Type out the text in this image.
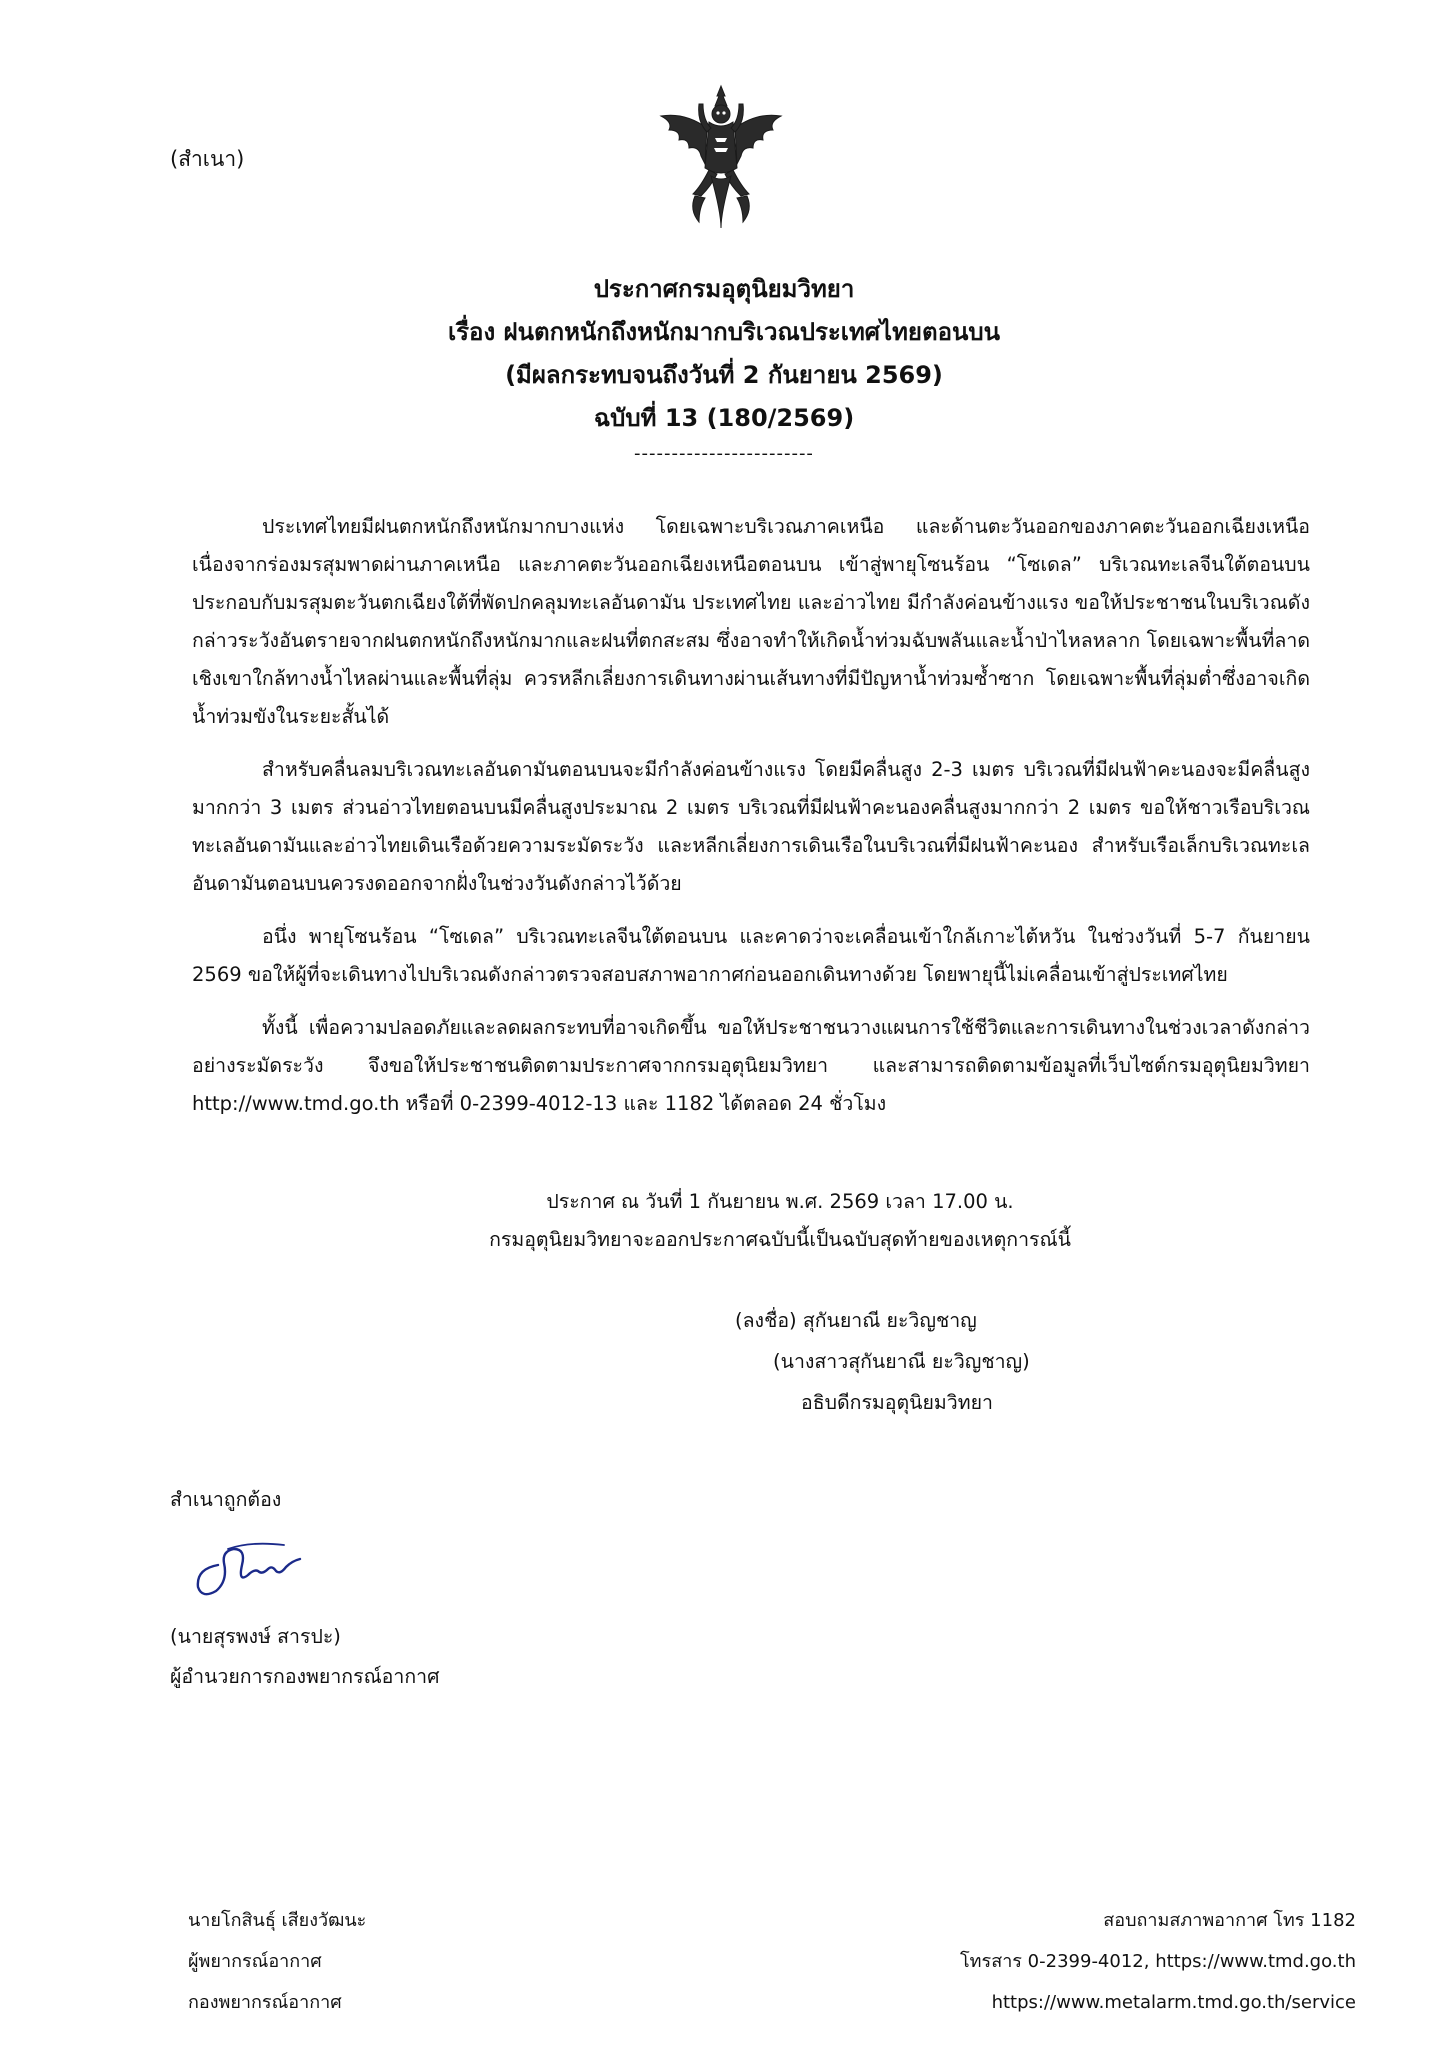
(สำเนา)
ประกาศกรมอุตุนิยมวิทยา
เรื่อง ฝนตกหนักถึงหนักมากบริเวณประเทศไทยตอนบน
(มีผลกระทบจนถึงวันที่ 2 กันยายน 2569)
ฉบับที่ 13 (180/2569)
------------------------

ประเทศไทยมีฝนตกหนักถึงหนักมากบางแห่ง โดยเฉพาะบริเวณภาคเหนือ และด้านตะวันออกของภาคตะวันออกเฉียงเหนือ เนื่องจากร่องมรสุมพาดผ่านภาคเหนือ และภาคตะวันออกเฉียงเหนือตอนบน เข้าสู่พายุโซนร้อน “โซเดล” บริเวณทะเลจีนใต้ตอนบน ประกอบกับมรสุมตะวันตกเฉียงใต้ที่พัดปกคลุมทะเลอันดามัน ประเทศไทย และอ่าวไทย มีกำลังค่อนข้างแรง ขอให้ประชาชนในบริเวณดังกล่าวระวังอันตรายจากฝนตกหนักถึงหนักมากและฝนที่ตกสะสม ซึ่งอาจทำให้เกิดน้ำท่วมฉับพลันและน้ำป่าไหลหลาก โดยเฉพาะพื้นที่ลาดเชิงเขาใกล้ทางน้ำไหลผ่านและพื้นที่ลุ่ม ควรหลีกเลี่ยงการเดินทางผ่านเส้นทางที่มีปัญหาน้ำท่วมซ้ำซาก โดยเฉพาะพื้นที่ลุ่มต่ำซึ่งอาจเกิดน้ำท่วมขังในระยะสั้นได้

สำหรับคลื่นลมบริเวณทะเลอันดามันตอนบนจะมีกำลังค่อนข้างแรง โดยมีคลื่นสูง 2-3 เมตร บริเวณที่มีฝนฟ้าคะนองจะมีคลื่นสูงมากกว่า 3 เมตร ส่วนอ่าวไทยตอนบนมีคลื่นสูงประมาณ 2 เมตร บริเวณที่มีฝนฟ้าคะนองคลื่นสูงมากกว่า 2 เมตร ขอให้ชาวเรือบริเวณทะเลอันดามันและอ่าวไทยเดินเรือด้วยความระมัดระวัง และหลีกเลี่ยงการเดินเรือในบริเวณที่มีฝนฟ้าคะนอง สำหรับเรือเล็กบริเวณทะเลอันดามันตอนบนควรงดออกจากฝั่งในช่วงวันดังกล่าวไว้ด้วย

อนึ่ง พายุโซนร้อน “โซเดล” บริเวณทะเลจีนใต้ตอนบน และคาดว่าจะเคลื่อนเข้าใกล้เกาะไต้หวัน ในช่วงวันที่ 5-7 กันยายน 2569 ขอให้ผู้ที่จะเดินทางไปบริเวณดังกล่าวตรวจสอบสภาพอากาศก่อนออกเดินทางด้วย โดยพายุนี้ไม่เคลื่อนเข้าสู่ประเทศไทย

ทั้งนี้ เพื่อความปลอดภัยและลดผลกระทบที่อาจเกิดขึ้น ขอให้ประชาชนวางแผนการใช้ชีวิตและการเดินทางในช่วงเวลาดังกล่าวอย่างระมัดระวัง จึงขอให้ประชาชนติดตามประกาศจากกรมอุตุนิยมวิทยา และสามารถติดตามข้อมูลที่เว็บไซต์กรมอุตุนิยมวิทยา http://www.tmd.go.th หรือที่ 0-2399-4012-13 และ 1182 ได้ตลอด 24 ชั่วโมง

ประกาศ ณ วันที่ 1 กันยายน พ.ศ. 2569 เวลา 17.00 น.
กรมอุตุนิยมวิทยาจะออกประกาศฉบับนี้เป็นฉบับสุดท้ายของเหตุการณ์นี้
(ลงชื่อ) สุกันยาณี ยะวิญชาญ
(นางสาวสุกันยาณี ยะวิญชาญ)
อธิบดีกรมอุตุนิยมวิทยา
สำเนาถูกต้อง
(นายสุรพงษ์ สารปะ)
ผู้อำนวยการกองพยากรณ์อากาศ
นายโกสินธุ์ เสียงวัฒนะ
ผู้พยากรณ์อากาศ
กองพยากรณ์อากาศ
สอบถามสภาพอากาศ โทร 1182
โทรสาร 0-2399-4012, https://www.tmd.go.th
https://www.metalarm.tmd.go.th/service
